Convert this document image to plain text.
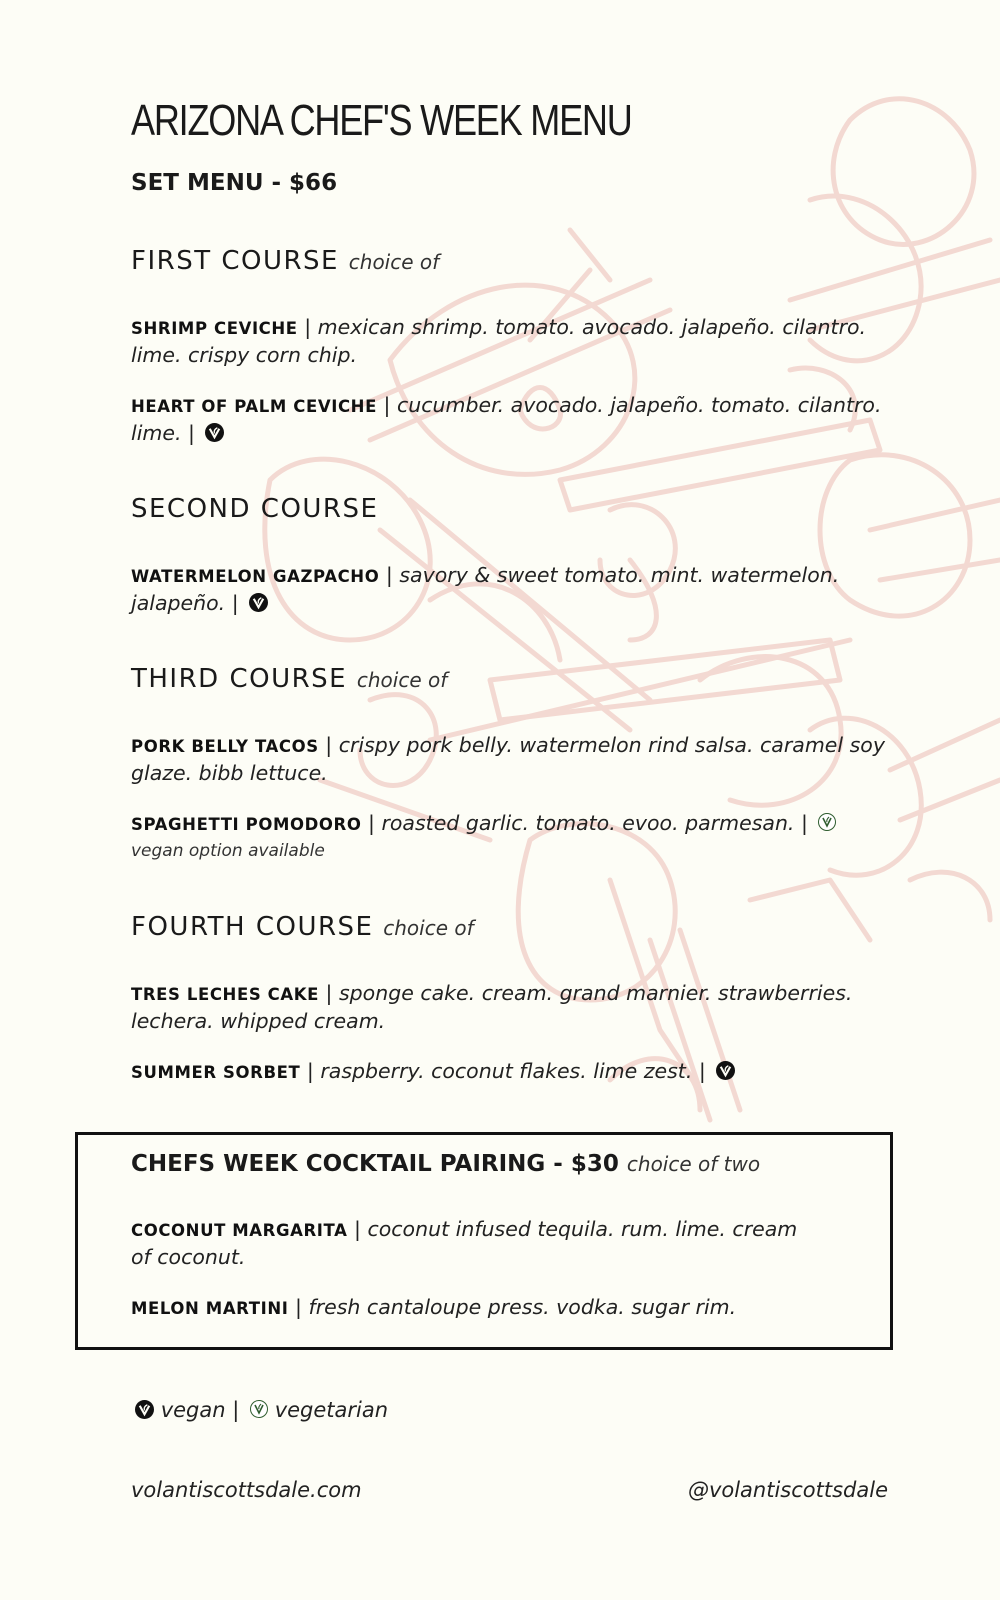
ARIZONA CHEF'S WEEK MENU
SET MENU - $66
FIRST COURSE choice of
SHRIMP CEVICHE | mexican shrimp. tomato. avocado. jalapeño. cilantro. lime. crispy corn chip.
HEART OF PALM CEVICHE | cucumber. avocado. jalapeño. tomato. cilantro. lime. |
SECOND COURSE
WATERMELON GAZPACHO | savory & sweet tomato. mint. watermelon. jalapeño. |
THIRD COURSE choice of
PORK BELLY TACOS | crispy pork belly. watermelon rind salsa. caramel soy glaze. bibb lettuce.
SPAGHETTI POMODORO | roasted garlic. tomato. evoo. parmesan. |
vegan option available
FOURTH COURSE choice of
TRES LECHES CAKE | sponge cake. cream. grand marnier. strawberries. lechera. whipped cream.
SUMMER SORBET | raspberry. coconut flakes. lime zest. |
CHEFS WEEK COCKTAIL PAIRING - $30 choice of two
COCONUT MARGARITA | coconut infused tequila. rum. lime. cream of coconut.
MELON MARTINI | fresh cantaloupe press. vodka. sugar rim.
vegan | vegetarian
volantiscottsdale.com	@volantiscottsdale
